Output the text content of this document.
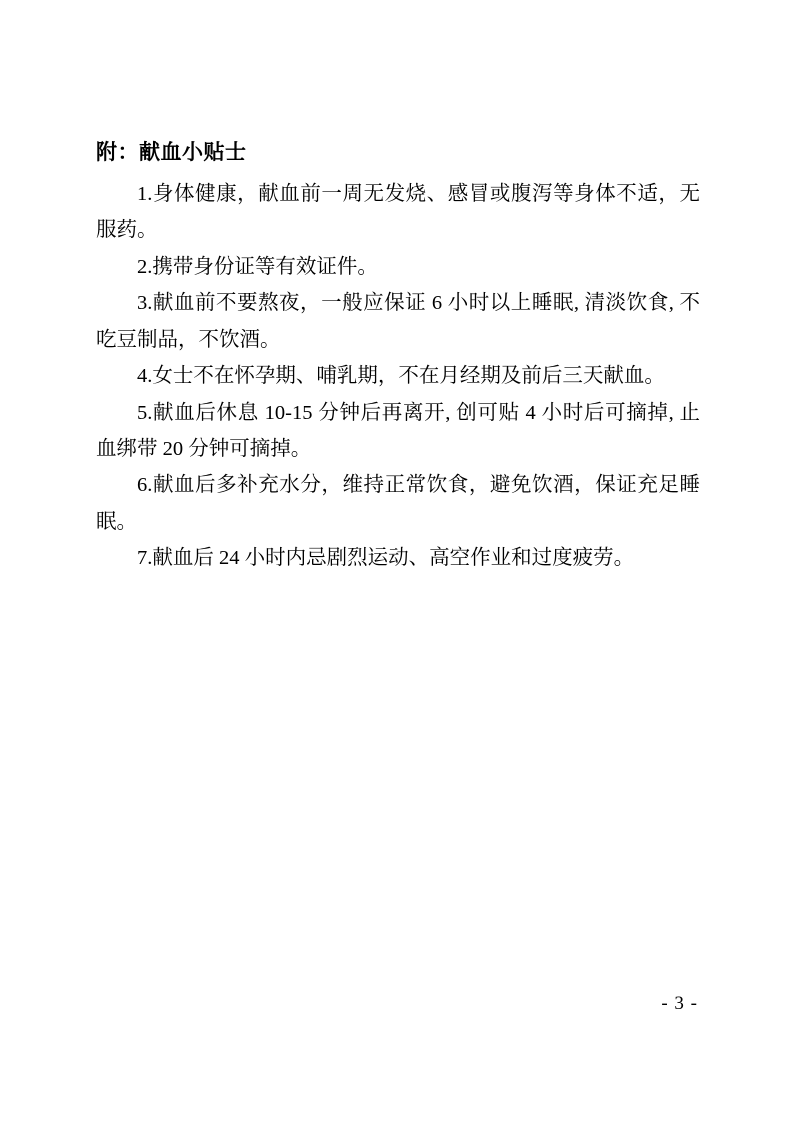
附：献血小贴士

1.身体健康，献血前一周无发烧、感冒或腹泻等身体不适，无服药。

2.携带身份证等有效证件。

3.献血前不要熬夜，一般应保证 6 小时以上睡眠, 清淡饮食, 不吃豆制品，不饮酒。

4.女士不在怀孕期、哺乳期，不在月经期及前后三天献血。

5.献血后休息 10-15 分钟后再离开, 创可贴 4 小时后可摘掉, 止血绑带 20 分钟可摘掉。

6.献血后多补充水分，维持正常饮食，避免饮酒，保证充足睡眠。

7.献血后 24 小时内忌剧烈运动、高空作业和过度疲劳。

- 3 -
